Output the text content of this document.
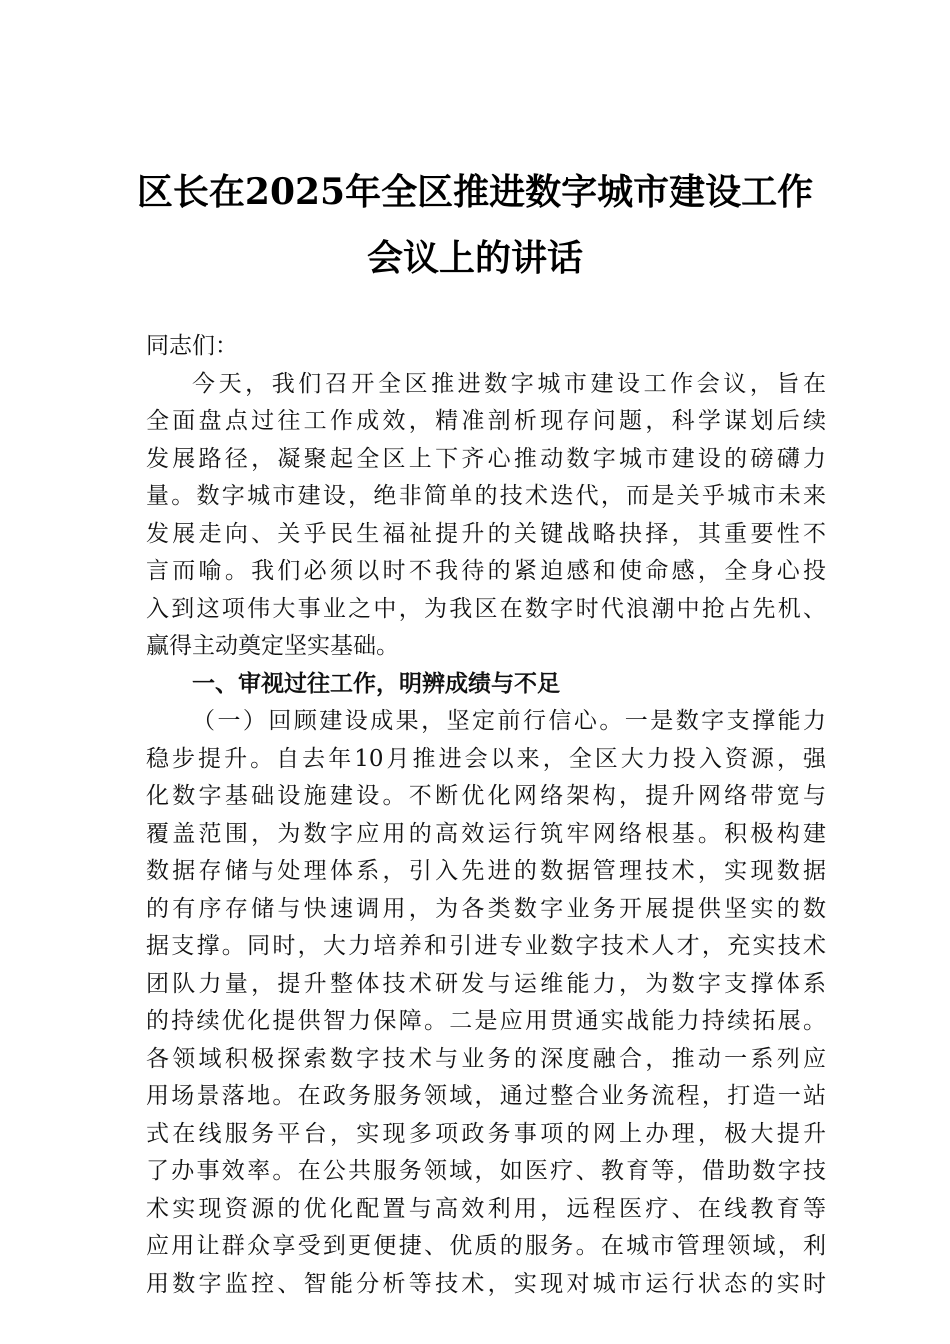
区长在2025年全区推进数字城市建设工作
会议上的讲话
同志们：
今天，我们召开全区推进数字城市建设工作会议，旨在
全面盘点过往工作成效，精准剖析现存问题，科学谋划后续
发展路径，凝聚起全区上下齐心推动数字城市建设的磅礴力
量。数字城市建设，绝非简单的技术迭代，而是关乎城市未来
发展走向、关乎民生福祉提升的关键战略抉择，其重要性不
言而喻。我们必须以时不我待的紧迫感和使命感，全身心投
入到这项伟大事业之中，为我区在数字时代浪潮中抢占先机、
赢得主动奠定坚实基础。
一、审视过往工作，明辨成绩与不足
（一）回顾建设成果，坚定前行信心。一是数字支撑能力
稳步提升。自去年10月推进会以来，全区大力投入资源，强
化数字基础设施建设。不断优化网络架构，提升网络带宽与
覆盖范围，为数字应用的高效运行筑牢网络根基。积极构建
数据存储与处理体系，引入先进的数据管理技术，实现数据
的有序存储与快速调用，为各类数字业务开展提供坚实的数
据支撑。同时，大力培养和引进专业数字技术人才，充实技术
团队力量，提升整体技术研发与运维能力，为数字支撑体系
的持续优化提供智力保障。二是应用贯通实战能力持续拓展。
各领域积极探索数字技术与业务的深度融合，推动一系列应
用场景落地。在政务服务领域，通过整合业务流程，打造一站
式在线服务平台，实现多项政务事项的网上办理，极大提升
了办事效率。在公共服务领域，如医疗、教育等，借助数字技
术实现资源的优化配置与高效利用，远程医疗、在线教育等
应用让群众享受到更便捷、优质的服务。在城市管理领域，利
用数字监控、智能分析等技术，实现对城市运行状态的实时
